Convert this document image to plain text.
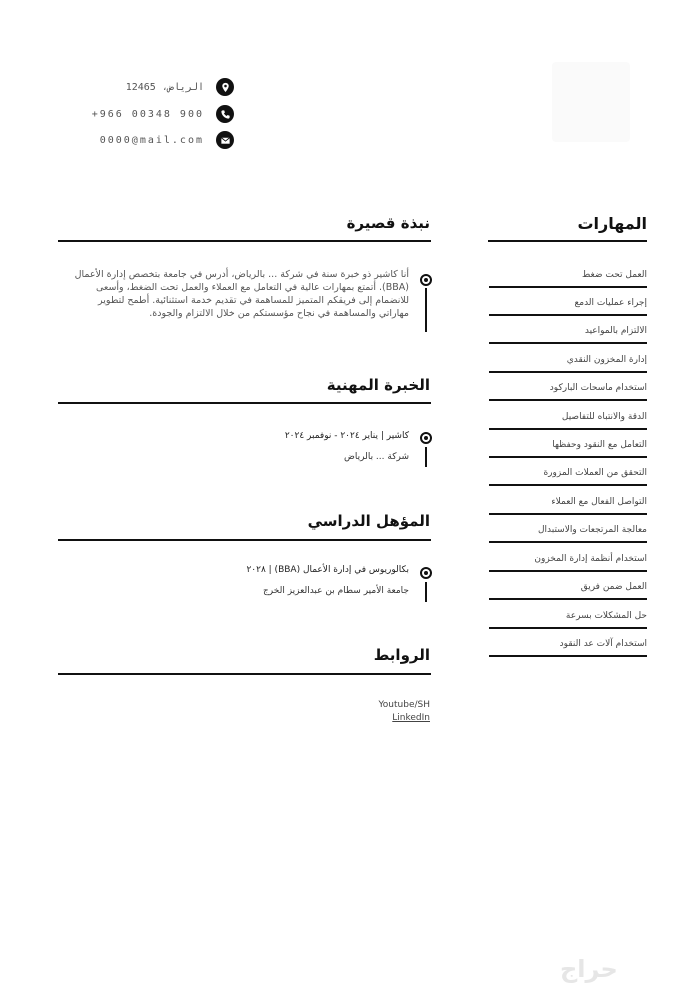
الرياض، 12465
+966 00348 900
0000@mail.com
المهارات
العمل تحت ضغط
إجراء عمليات الدمع
الالتزام بالمواعيد
إدارة المخزون النقدي
استخدام ماسحات الباركود
الدقة والانتباه للتفاصيل
التعامل مع النقود وحفظها
التحقق من العملات المزورة
التواصل الفعال مع العملاء
معالجة المرتجعات والاستبدال
استخدام أنظمة إدارة المخزون
العمل ضمن فريق
حل المشكلات بسرعة
استخدام آلات عد النقود
نبذة قصيرة
أنا كاشير ذو خبرة سنة في شركة ... بالرياض، أدرس في جامعة بتخصص إدارة الأعمال (BBA). أتمتع بمهارات عالية في التعامل مع العملاء والعمل تحت الضغط، وأسعى للانضمام إلى فريقكم المتميز للمساهمة في تقديم خدمة استثنائية. أطمح لتطوير مهاراتي والمساهمة في نجاح مؤسستكم من خلال الالتزام والجودة.
الخبرة المهنية
كاشير | يناير ٢٠٢٤ - نوفمبر ٢٠٢٤
شركة ... بالرياض
المؤهل الدراسي
بكالوريوس في إدارة الأعمال (BBA) | ٢٠٢٨
جامعة الأمير سطام بن عبدالعزيز الخرج
الروابط
Youtube/SH
LinkedIn
حراج
